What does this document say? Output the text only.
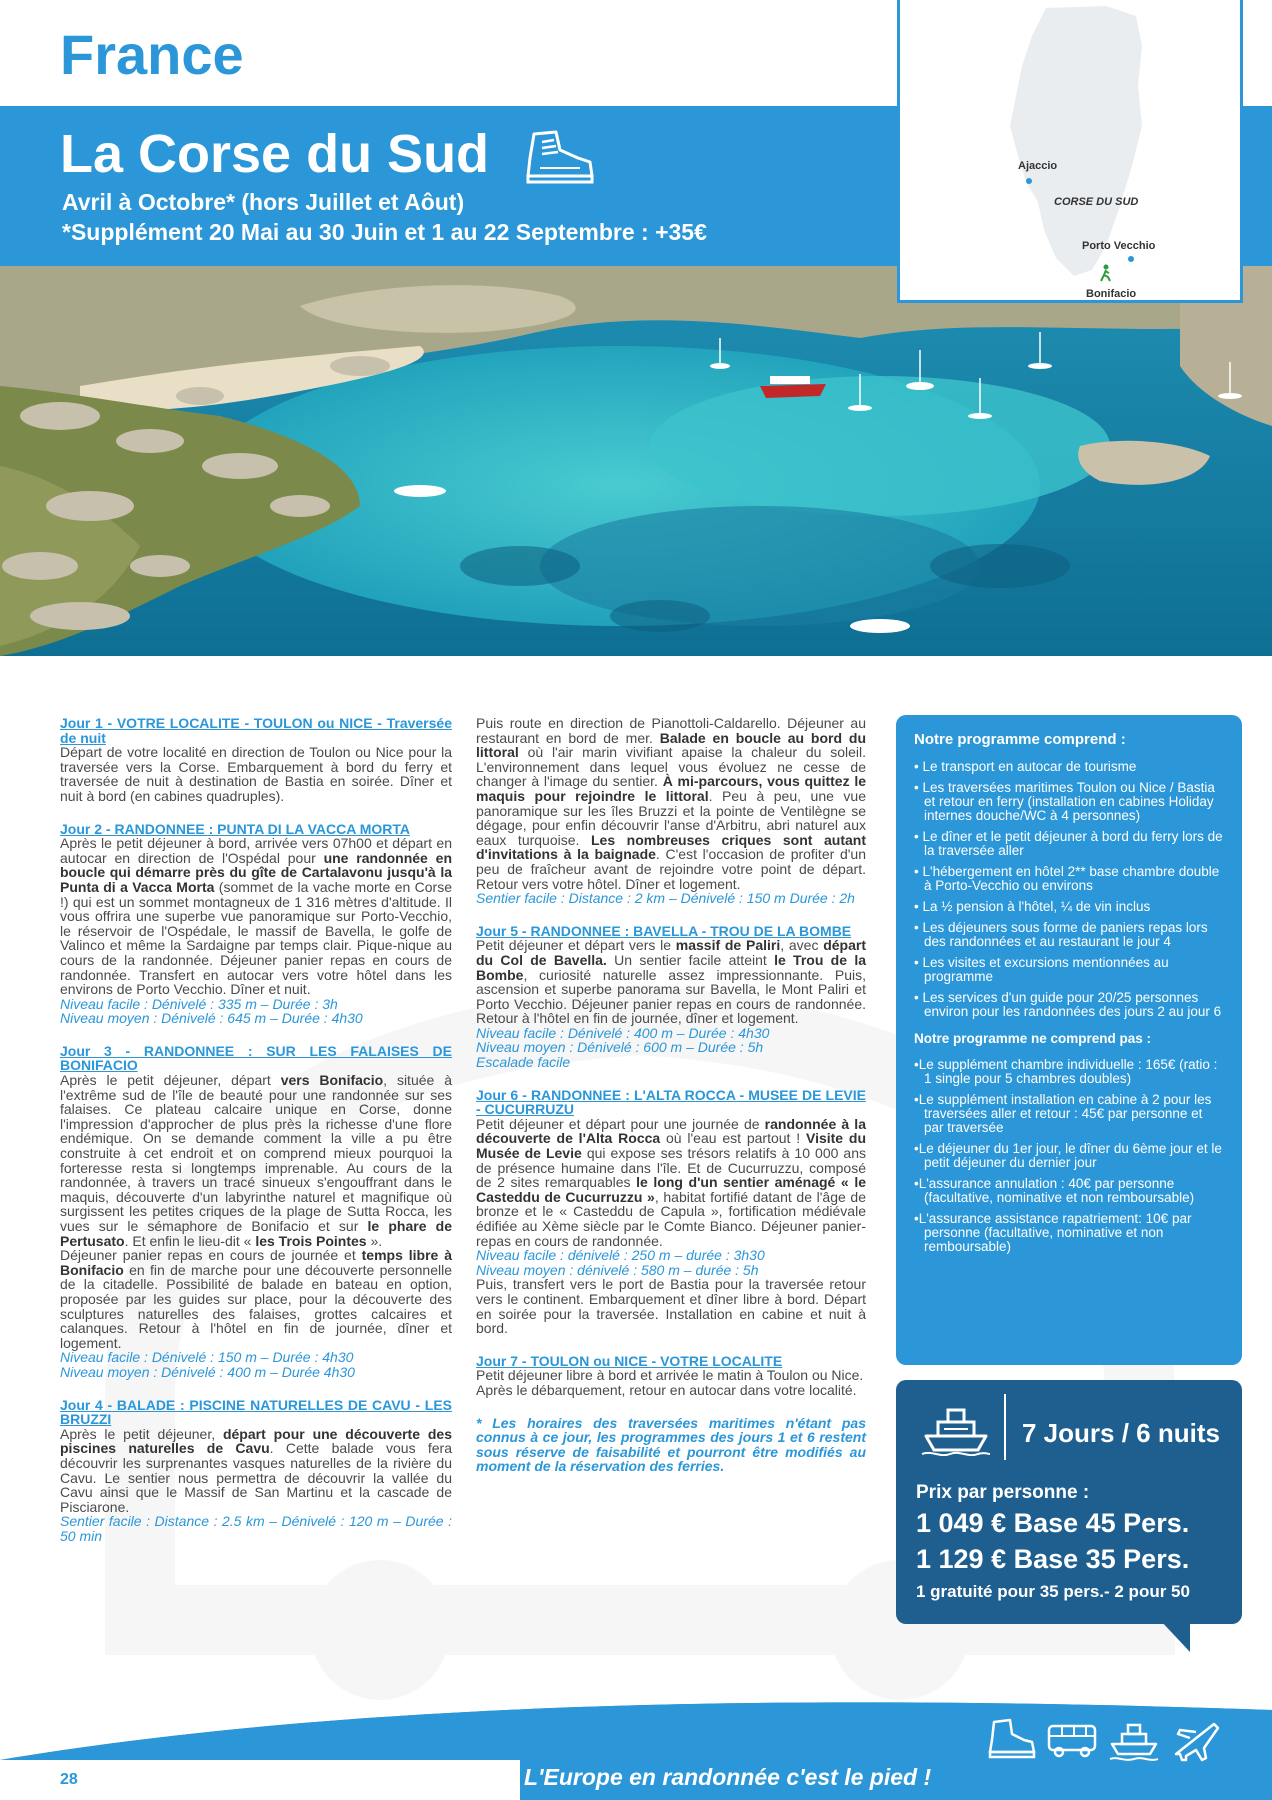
France
La Corse du Sud
Avril à Octobre* (hors Juillet et Aôut)
*Supplément 20 Mai au 30 Juin et 1 au 22 Septembre : +35€
Ajaccio
CORSE DU SUD
Porto Vecchio
Bonifacio
Jour 1 - VOTRE LOCALITE - TOULON ou NICE - Traversée de nuit

Départ de votre localité en direction de Toulon ou Nice pour la traversée vers la Corse. Embarquement à bord du ferry et traversée de nuit à destination de Bastia en soirée. Dîner et nuit à bord (en cabines quadruples).

Jour 2 - RANDONNEE : PUNTA DI LA VACCA MORTA

Après le petit déjeuner à bord, arrivée vers 07h00 et départ en autocar en direction de l'Ospédal pour une randonnée en boucle qui démarre près du gîte de Cartalavonu jusqu'à la Punta di a Vacca Morta (sommet de la vache morte en Corse !) qui est un sommet montagneux de 1 316 mètres d'altitude. Il vous offrira une superbe vue panoramique sur Porto-Vecchio, le réservoir de l'Ospédale, le massif de Bavella, le golfe de Valinco et même la Sardaigne par temps clair. Pique-nique au cours de la randonnée. Déjeuner panier repas en cours de randonnée. Transfert en autocar vers votre hôtel dans les environs de Porto Vecchio. Dîner et nuit.

Niveau facile : Dénivelé : 335 m – Durée : 3h
Niveau moyen : Dénivelé : 645 m – Durée : 4h30
Jour 3 - RANDONNEE : SUR LES FALAISES DE BONIFACIO

Après le petit déjeuner, départ vers Bonifacio, située à l'extrême sud de l'île de beauté pour une randonnée sur ses falaises. Ce plateau calcaire unique en Corse, donne l'impression d'approcher de plus près la richesse d'une flore endémique. On se demande comment la ville a pu être construite à cet endroit et on comprend mieux pourquoi la forteresse resta si longtemps imprenable. Au cours de la randonnée, à travers un tracé sinueux s'engouffrant dans le maquis, découverte d'un labyrinthe naturel et magnifique où surgissent les petites criques de la plage de Sutta Rocca, les vues sur le sémaphore de Bonifacio et sur le phare de Pertusato. Et enfin le lieu-dit « les Trois Pointes ».

Déjeuner panier repas en cours de journée et temps libre à Bonifacio en fin de marche pour une découverte personnelle de la citadelle. Possibilité de balade en bateau en option, proposée par les guides sur place, pour la découverte des sculptures naturelles des falaises, grottes calcaires et calanques. Retour à l'hôtel en fin de journée, dîner et logement.

Niveau facile : Dénivelé : 150 m – Durée : 4h30
Niveau moyen : Dénivelé : 400 m – Durée 4h30
Jour 4 - BALADE : PISCINE NATURELLES DE CAVU - LES BRUZZI

Après le petit déjeuner, départ pour une découverte des piscines naturelles de Cavu. Cette balade vous fera découvrir les surprenantes vasques naturelles de la rivière du Cavu. Le sentier nous permettra de découvrir la vallée du Cavu ainsi que le Massif de San Martinu et la cascade de Pisciarone.

Sentier facile : Distance : 2.5 km – Dénivelé : 120 m – Durée : 50 min

Puis route en direction de Pianottoli-Caldarello. Déjeuner au restaurant en bord de mer. Balade en boucle au bord du littoral où l'air marin vivifiant apaise la chaleur du soleil. L'environnement dans lequel vous évoluez ne cesse de changer à l'image du sentier. À mi-parcours, vous quittez le maquis pour rejoindre le littoral. Peu à peu, une vue panoramique sur les îles Bruzzi et la pointe de Ventilègne se dégage, pour enfin découvrir l'anse d'Arbitru, abri naturel aux eaux turquoise. Les nombreuses criques sont autant d'invitations à la baignade. C'est l'occasion de profiter d'un peu de fraîcheur avant de rejoindre votre point de départ. Retour vers votre hôtel. Dîner et logement.

Sentier facile : Distance : 2 km – Dénivelé : 150 m Durée : 2h
Jour 5 - RANDONNEE : BAVELLA - TROU DE LA BOMBE

Petit déjeuner et départ vers le massif de Paliri, avec départ du Col de Bavella. Un sentier facile atteint le Trou de la Bombe, curiosité naturelle assez impressionnante. Puis, ascension et superbe panorama sur Bavella, le Mont Paliri et Porto Vecchio. Déjeuner panier repas en cours de randonnée. Retour à l'hôtel en fin de journée, dîner et logement.

Niveau facile : Dénivelé : 400 m – Durée : 4h30
Niveau moyen : Dénivelé : 600 m – Durée : 5h
Escalade facile
Jour 6 - RANDONNEE : L'ALTA ROCCA - MUSEE DE LEVIE - CUCURRUZU

Petit déjeuner et départ pour une journée de randonnée à la découverte de l'Alta Rocca où l'eau est partout ! Visite du Musée de Levie qui expose ses trésors relatifs à 10 000 ans de présence humaine dans l'île. Et de Cucurruzzu, composé de 2 sites remarquables le long d'un sentier aménagé « le Casteddu de Cucurruzzu », habitat fortifié datant de l'âge de bronze et le « Casteddu de Capula », fortification médiévale édifiée au Xème siècle par le Comte Bianco. Déjeuner panier-repas en cours de randonnée.

Niveau facile : dénivelé : 250 m – durée : 3h30
Niveau moyen : dénivelé : 580 m – durée : 5h

Puis, transfert vers le port de Bastia pour la traversée retour vers le continent. Embarquement et dîner libre à bord. Départ en soirée pour la traversée. Installation en cabine et nuit à bord.

Jour 7 - TOULON ou NICE - VOTRE LOCALITE

Petit déjeuner libre à bord et arrivée le matin à Toulon ou Nice.

Après le débarquement, retour en autocar dans votre localité.

* Les horaires des traversées maritimes n'étant pas connus à ce jour, les programmes des jours 1 et 6 restent sous réserve de faisabilité et pourront être modifiés au moment de la réservation des ferries.

Notre programme comprend :
• Le transport en autocar de tourisme
• Les traversées maritimes Toulon ou Nice / Bastia et retour en ferry (installation en cabines Holiday internes douche/WC à 4 personnes)
• Le dîner et le petit déjeuner à bord du ferry lors de la traversée aller
• L'hébergement en hôtel 2** base chambre double à Porto-Vecchio ou environs
• La ½ pension à l'hôtel, ¼ de vin inclus
• Les déjeuners sous forme de paniers repas lors des randonnées et au restaurant le jour 4
• Les visites et excursions mentionnées au programme
• Les services d'un guide pour 20/25 personnes environ pour les randonnées des jours 2 au jour 6
Notre programme ne comprend pas :
•Le supplément chambre individuelle : 165€ (ratio : 1 single pour 5 chambres doubles)
•Le supplément installation en cabine à 2 pour les traversées aller et retour : 45€ par personne et par traversée
•Le déjeuner du 1er jour, le dîner du 6ème jour et le petit déjeuner du dernier jour
•L'assurance annulation : 40€ par personne (facultative, nominative et non remboursable)
•L'assurance assistance rapatriement: 10€ par personne (facultative, nominative et non remboursable)
7 Jours / 6 nuits
Prix par personne :
1 049 € Base 45 Pers.
1 129 € Base 35 Pers.
1 gratuité pour 35 pers.- 2 pour 50
28	L'Europe en randonnée c'est le pied !
